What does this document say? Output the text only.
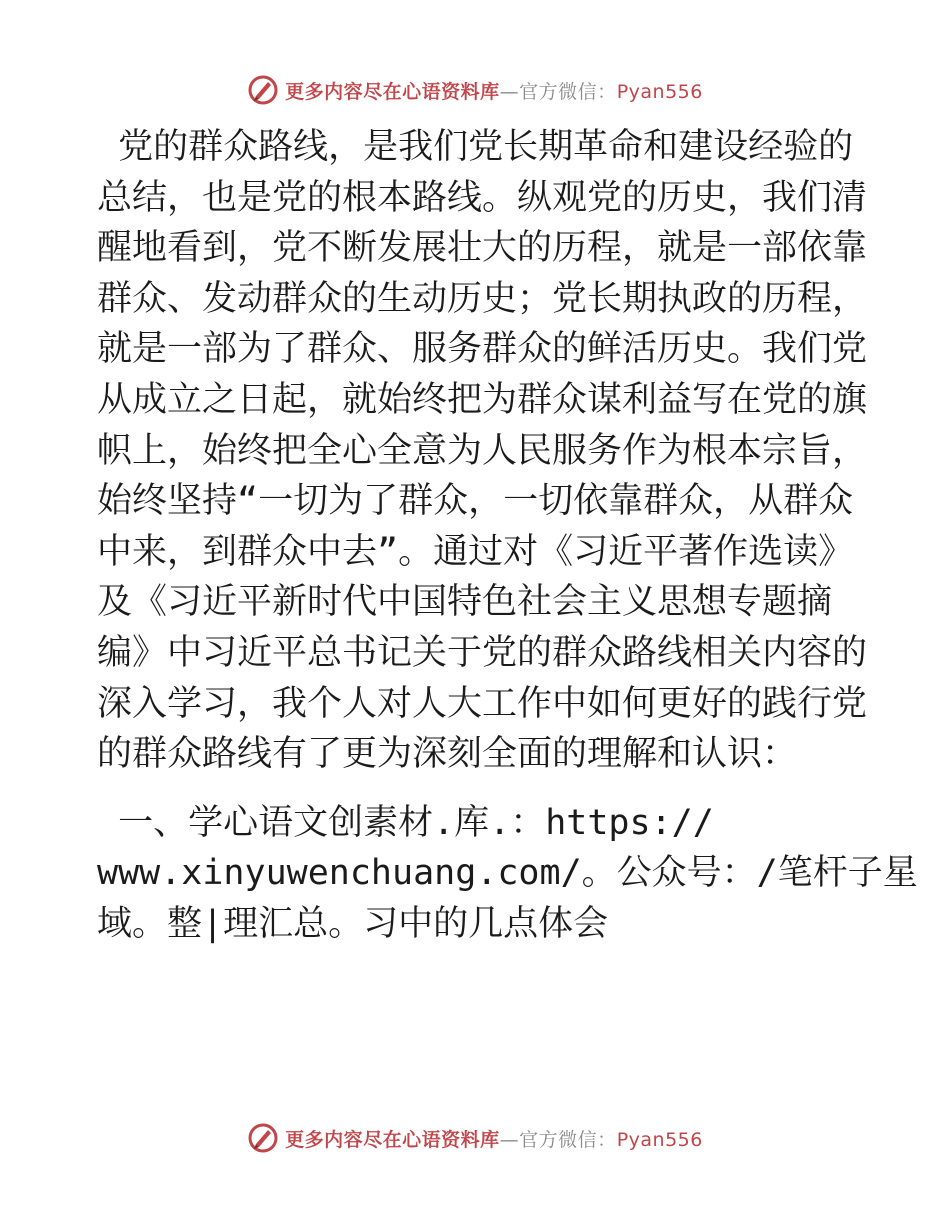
更多内容尽在心语资料库—官方微信：Pyan556
党的群众路线，是我们党长期革命和建设经验的
总结，也是党的根本路线。纵观党的历史，我们清
醒地看到，党不断发展壮大的历程，就是一部依靠
群众、发动群众的生动历史；党长期执政的历程，
就是一部为了群众、服务群众的鲜活历史。我们党
从成立之日起，就始终把为群众谋利益写在党的旗
帜上，始终把全心全意为人民服务作为根本宗旨，
始终坚持“一切为了群众，一切依靠群众，从群众
中来，到群众中去”。通过对《习近平著作选读》
及《习近平新时代中国特色社会主义思想专题摘
编》中习近平总书记关于党的群众路线相关内容的
深入学习，我个人对人大工作中如何更好的践行党
的群众路线有了更为深刻全面的理解和认识：
一、学心语文创素材.库.：https://
www.xinyuwenchuang.com/。公众号：/笔杆子星
域。整|理汇总。习中的几点体会
更多内容尽在心语资料库—官方微信：Pyan556
